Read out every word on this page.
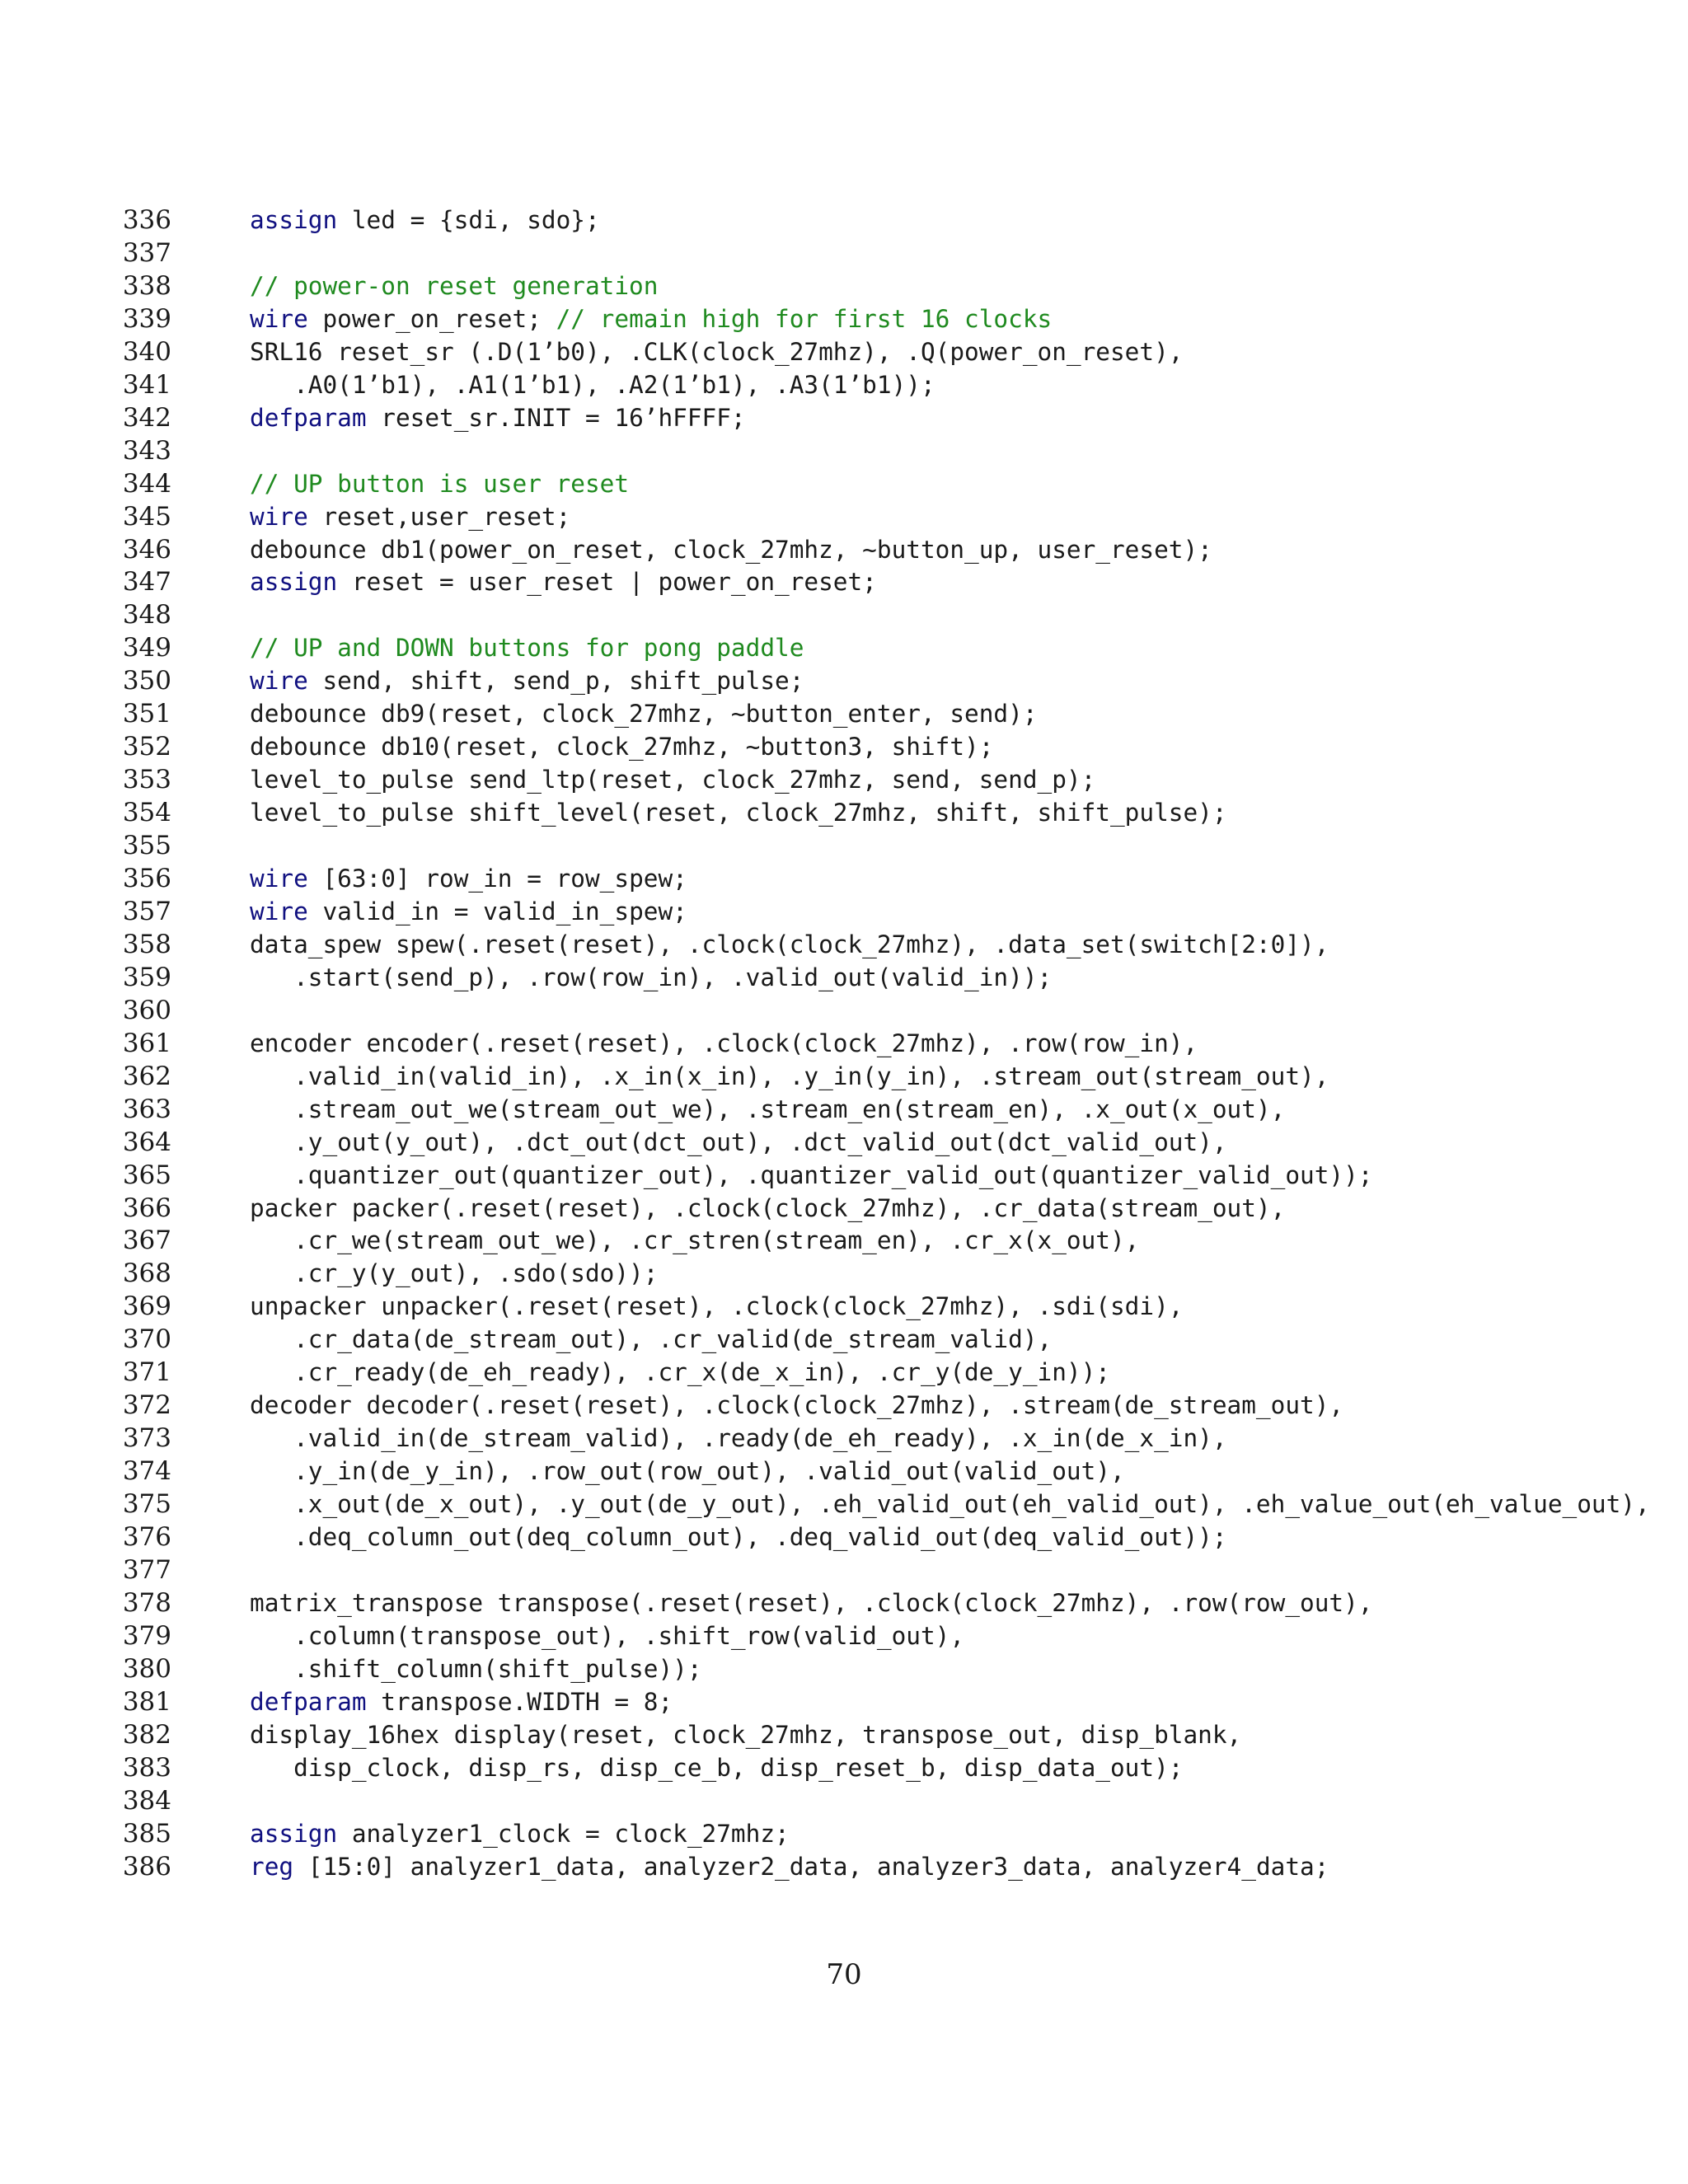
336	assign led = {sdi, sdo};
337
338	// power-on reset generation
339	wire power_on_reset; // remain high for first 16 clocks
340	SRL16 reset_sr (.D(1’b0), .CLK(clock_27mhz), .Q(power_on_reset),
341	.A0(1’b1), .A1(1’b1), .A2(1’b1), .A3(1’b1));
342	defparam reset_sr.INIT = 16’hFFFF;
343
344	// UP button is user reset
345	wire reset,user_reset;
346	debounce db1(power_on_reset, clock_27mhz, ~button_up, user_reset);
347	assign reset = user_reset | power_on_reset;
348
349	// UP and DOWN buttons for pong paddle
350	wire send, shift, send_p, shift_pulse;
351	debounce db9(reset, clock_27mhz, ~button_enter, send);
352	debounce db10(reset, clock_27mhz, ~button3, shift);
353	level_to_pulse send_ltp(reset, clock_27mhz, send, send_p);
354	level_to_pulse shift_level(reset, clock_27mhz, shift, shift_pulse);
355
356	wire [63:0] row_in = row_spew;
357	wire valid_in = valid_in_spew;
358	data_spew spew(.reset(reset), .clock(clock_27mhz), .data_set(switch[2:0]),
359	.start(send_p), .row(row_in), .valid_out(valid_in));
360
361	encoder encoder(.reset(reset), .clock(clock_27mhz), .row(row_in),
362	.valid_in(valid_in), .x_in(x_in), .y_in(y_in), .stream_out(stream_out),
363	.stream_out_we(stream_out_we), .stream_en(stream_en), .x_out(x_out),
364	.y_out(y_out), .dct_out(dct_out), .dct_valid_out(dct_valid_out),
365	.quantizer_out(quantizer_out), .quantizer_valid_out(quantizer_valid_out));
366	packer packer(.reset(reset), .clock(clock_27mhz), .cr_data(stream_out),
367	.cr_we(stream_out_we), .cr_stren(stream_en), .cr_x(x_out),
368	.cr_y(y_out), .sdo(sdo));
369	unpacker unpacker(.reset(reset), .clock(clock_27mhz), .sdi(sdi),
370	.cr_data(de_stream_out), .cr_valid(de_stream_valid),
371	.cr_ready(de_eh_ready), .cr_x(de_x_in), .cr_y(de_y_in));
372	decoder decoder(.reset(reset), .clock(clock_27mhz), .stream(de_stream_out),
373	.valid_in(de_stream_valid), .ready(de_eh_ready), .x_in(de_x_in),
374	.y_in(de_y_in), .row_out(row_out), .valid_out(valid_out),
375	.x_out(de_x_out), .y_out(de_y_out), .eh_valid_out(eh_valid_out), .eh_value_out(eh_value_out),
376	.deq_column_out(deq_column_out), .deq_valid_out(deq_valid_out));
377
378	matrix_transpose transpose(.reset(reset), .clock(clock_27mhz), .row(row_out),
379	.column(transpose_out), .shift_row(valid_out),
380	.shift_column(shift_pulse));
381	defparam transpose.WIDTH = 8;
382	display_16hex display(reset, clock_27mhz, transpose_out, disp_blank,
383	disp_clock, disp_rs, disp_ce_b, disp_reset_b, disp_data_out);
384
385	assign analyzer1_clock = clock_27mhz;
386	reg [15:0] analyzer1_data, analyzer2_data, analyzer3_data, analyzer4_data;
70
